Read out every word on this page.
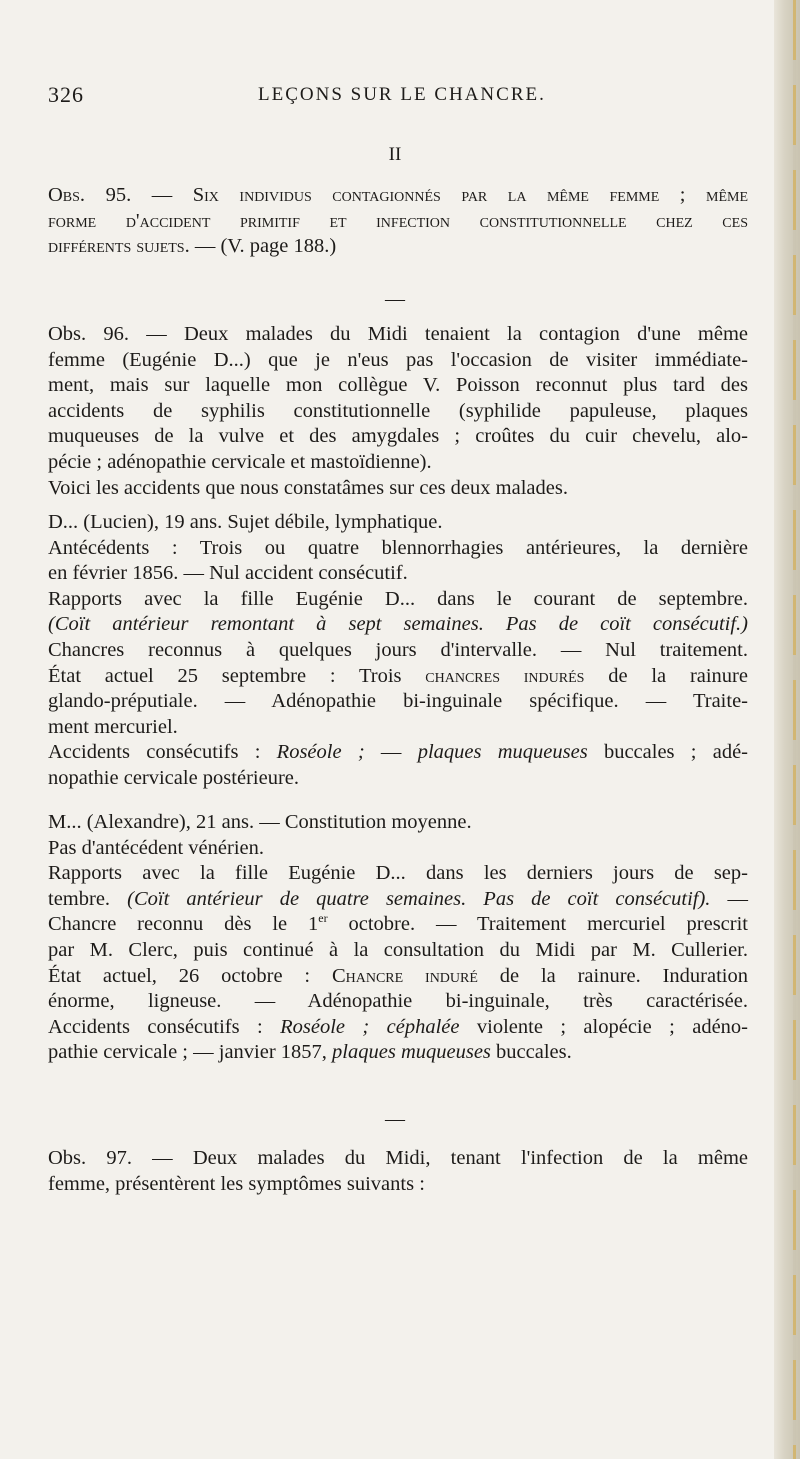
326	LEÇONS SUR LE CHANCRE.
II
Obs. 95. — Six individus contagionnés par la même femme ; même
forme d'accident primitif et infection constitutionnelle chez ces
différents sujets. — (V. page 188.)
—
Obs. 96. — Deux malades du Midi tenaient la contagion d'une même
femme (Eugénie D...) que je n'eus pas l'occasion de visiter immédiate-
ment, mais sur laquelle mon collègue V. Poisson reconnut plus tard des
accidents de syphilis constitutionnelle (syphilide papuleuse, plaques
muqueuses de la vulve et des amygdales ; croûtes du cuir chevelu, alo-
pécie ; adénopathie cervicale et mastoïdienne).
Voici les accidents que nous constatâmes sur ces deux malades.
D... (Lucien), 19 ans. Sujet débile, lymphatique.
Antécédents : Trois ou quatre blennorrhagies antérieures, la dernière
en février 1856. — Nul accident consécutif.
Rapports avec la fille Eugénie D... dans le courant de septembre.
(Coït antérieur remontant à sept semaines. Pas de coït consécutif.)
Chancres reconnus à quelques jours d'intervalle. — Nul traitement.
État actuel 25 septembre : Trois chancres indurés de la rainure
glando-préputiale. — Adénopathie bi-inguinale spécifique. — Traite-
ment mercuriel.
Accidents consécutifs : Roséole ; — plaques muqueuses buccales ; adé-
nopathie cervicale postérieure.
M... (Alexandre), 21 ans. — Constitution moyenne.
Pas d'antécédent vénérien.
Rapports avec la fille Eugénie D... dans les derniers jours de sep-
tembre. (Coït antérieur de quatre semaines. Pas de coït consécutif). —
Chancre reconnu dès le 1er octobre. — Traitement mercuriel prescrit
par M. Clerc, puis continué à la consultation du Midi par M. Cullerier.
État actuel, 26 octobre : Chancre induré de la rainure. Induration
énorme, ligneuse. — Adénopathie bi-inguinale, très caractérisée.
Accidents consécutifs : Roséole ; céphalée violente ; alopécie ; adéno-
pathie cervicale ; — janvier 1857, plaques muqueuses buccales.
—
Obs. 97. — Deux malades du Midi, tenant l'infection de la même
femme, présentèrent les symptômes suivants :
